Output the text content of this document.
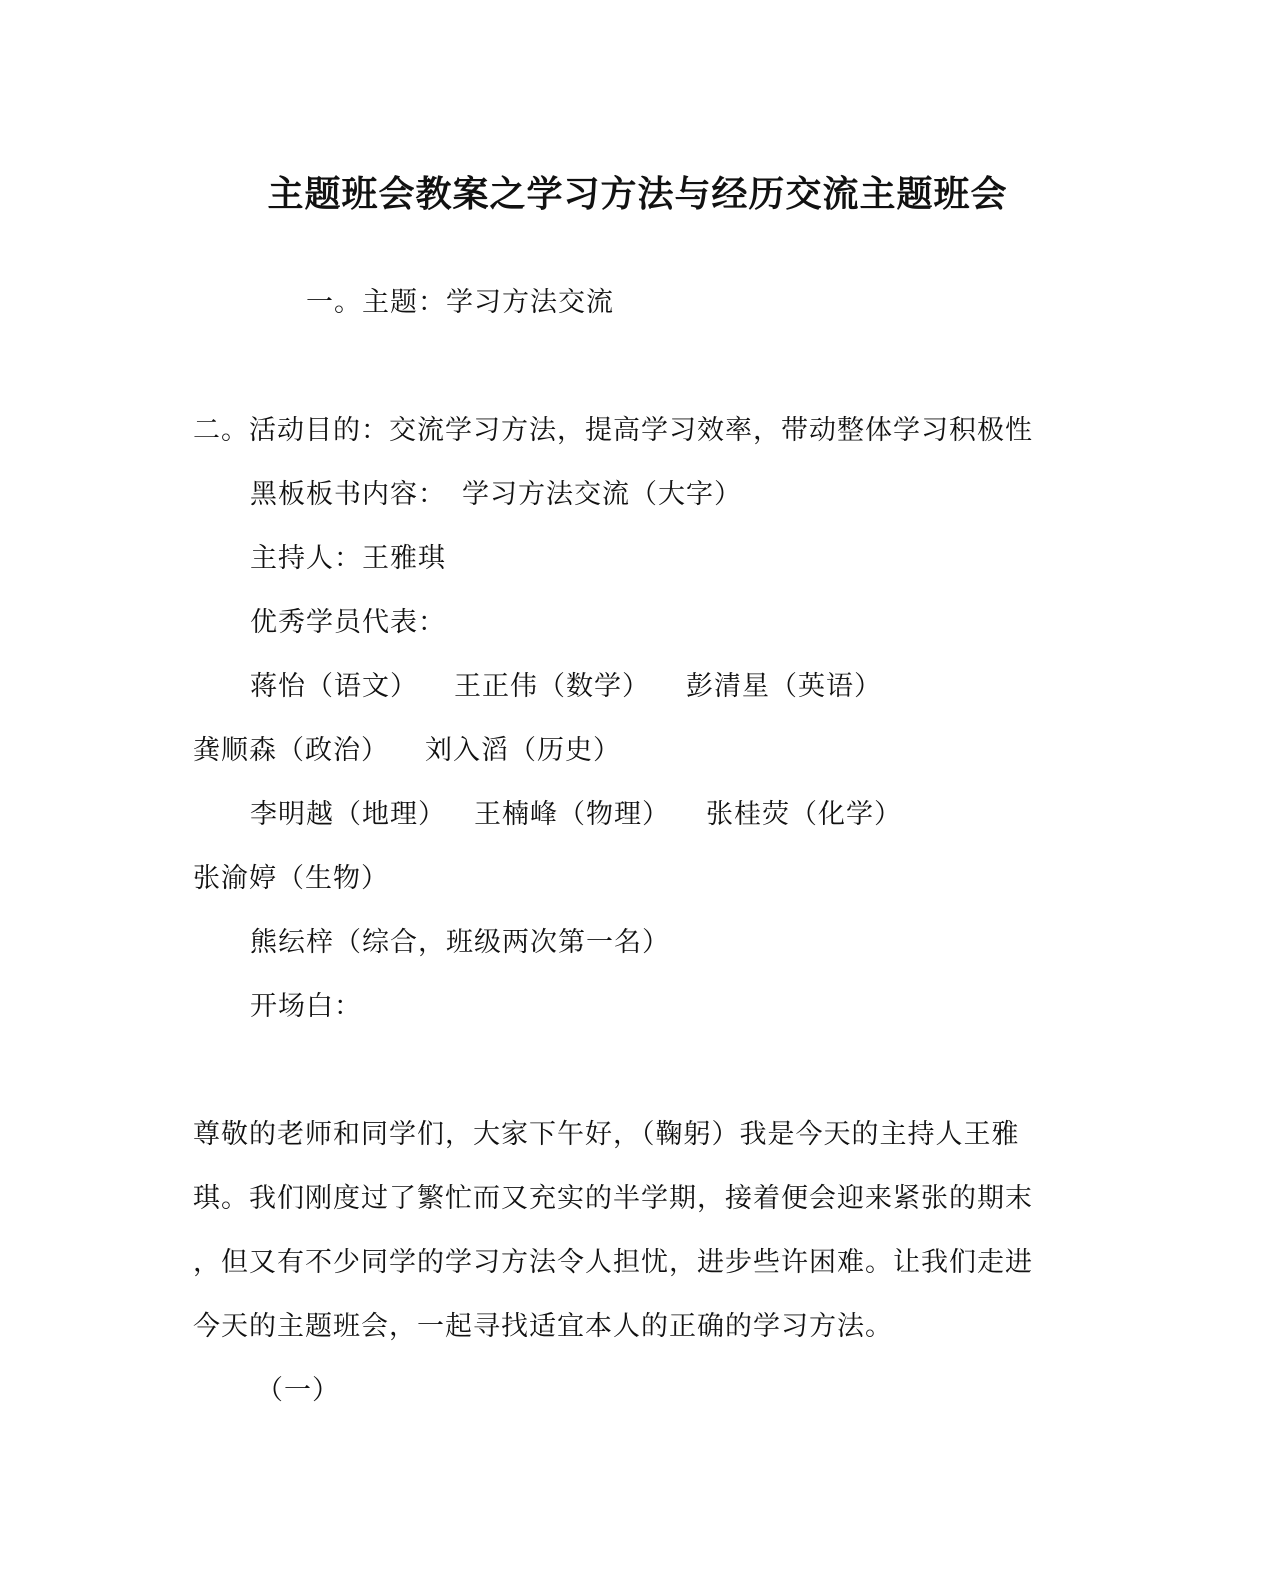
主题班会教案之学习方法与经历交流主题班会
一。主题：学习方法交流
二。活动目的：交流学习方法，提高学习效率，带动整体学习积极性
黑板板书内容： 学习方法交流（大字）
主持人：王雅琪
优秀学员代表：
蒋怡（语文） 王正伟（数学） 彭清星（英语）
龚顺森（政治） 刘入滔（历史）
李明越（地理） 王楠峰（物理） 张桂荧（化学）
张渝婷（生物）
熊纭梓（综合，班级两次第一名）
开场白：
尊敬的老师和同学们，大家下午好，（鞠躬）我是今天的主持人王雅
琪。我们刚度过了繁忙而又充实的半学期，接着便会迎来紧张的期末
，但又有不少同学的学习方法令人担忧，进步些许困难。让我们走进
今天的主题班会，一起寻找适宜本人的正确的学习方法。
（一）
